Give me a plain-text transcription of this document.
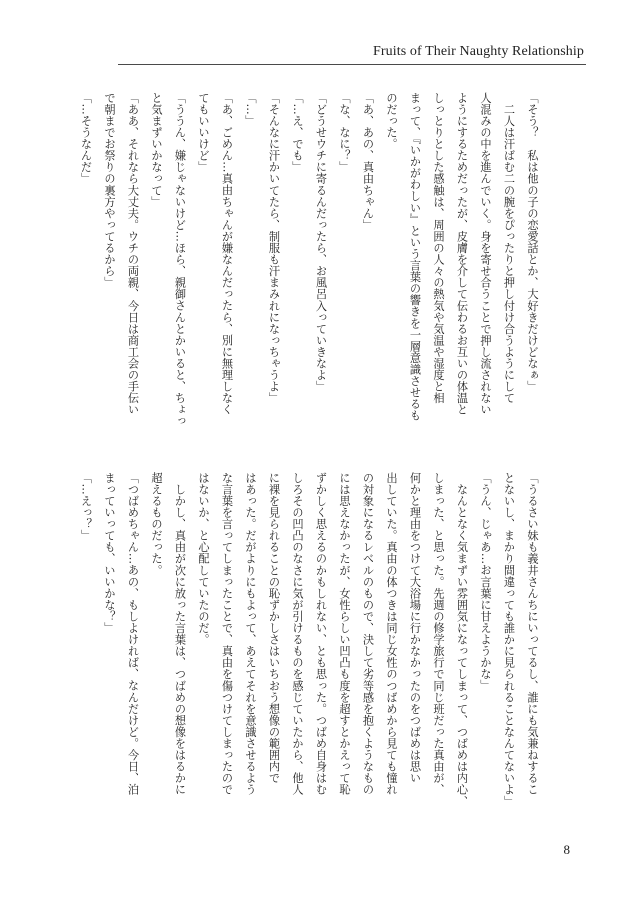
Fruits of Their Naughty Relationship

「そう？　私は他の子の恋愛話とか、大好きだけどなぁ」

　二人は汗ばむ二の腕をぴったりと押し付け合うようにして

人混みの中を進んでいく。身を寄せ合うことで押し流されない

ようにするためだったが、皮膚を介して伝わるお互いの体温と

しっとりとした感触は、周囲の人々の熱気や気温や湿度と相

まって、『いかがわしい』という言葉の響きを一層意識させるも

のだった。

「あ、あの、真由ちゃん」

「な、なに？」

「どうせウチに寄るんだったら、お風呂入っていきなよ」

「…え、でも」

「そんなに汗かいてたら、制服も汗まみれになっちゃうよ」

「…」

「あ、ごめん…真由ちゃんが嫌なんだったら、別に無理しなく

てもいいけど」

「ううん、嫌じゃないけど…ほら、親御さんとかいると、ちょっ

と気まずいかなって」

「ああ、それなら大丈夫。ウチの両親、今日は商工会の手伝い

で朝までお祭りの裏方やってるから」

「…そうなんだ」

「うるさい妹も義井さんちにいってるし、誰にも気兼ねするこ

とないし、まかり間違っても誰かに見られることなんてないよ」

「うん、じゃあ…お言葉に甘えようかな」

　なんとなく気まずい雰囲気になってしまって、つばめは内心、

しまった、と思った。先週の修学旅行で同じ班だった真由が、

何かと理由をつけて大浴場に行かなかったのをつばめは思い

出していた。真由の体つきは同じ女性のつばめから見ても憧れ

の対象になるレベルのもので、決して劣等感を抱くようなもの

には思えなかったが、女性らしい凹凸も度を超すとかえって恥

ずかしく思えるのかもしれない、とも思った。つばめ自身はむ

しろその凹凸のなさに気が引けるものを感じていたから、他人

に裸を見られることの恥ずかしさはいちおう想像の範囲内で

はあった。だがよりにもよって、あえてそれを意識させるよう

な言葉を言ってしまったことで、真由を傷つけてしまったので

はないか、と心配していたのだ。

　しかし、真由が次に放った言葉は、つばめの想像をはるかに

超えるものだった。

「つばめちゃん…あの、もしよければ、なんだけど。今日、泊

まっていっても、いいかな？」

「…えっ？」

8
